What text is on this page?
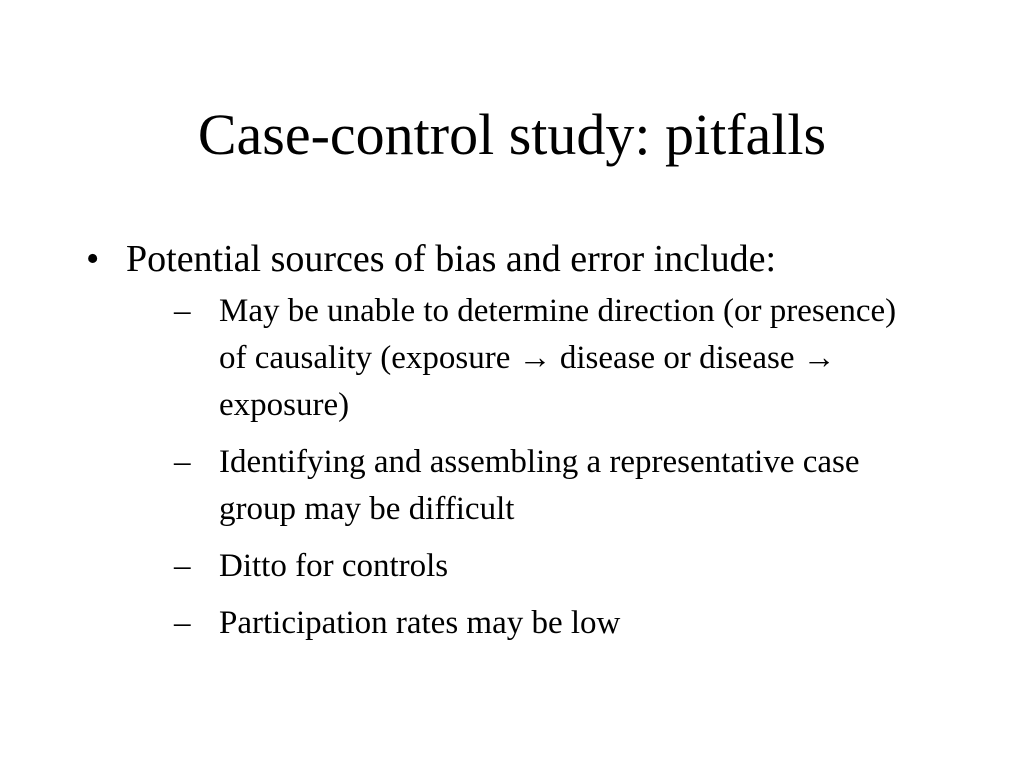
Case-control study: pitfalls
• Potential sources of bias and error include:
– May be unable to determine direction (or presence) of causality (exposure → disease or disease → exposure)
– Identifying and assembling a representative case group may be difficult
– Ditto for controls
– Participation rates may be low
